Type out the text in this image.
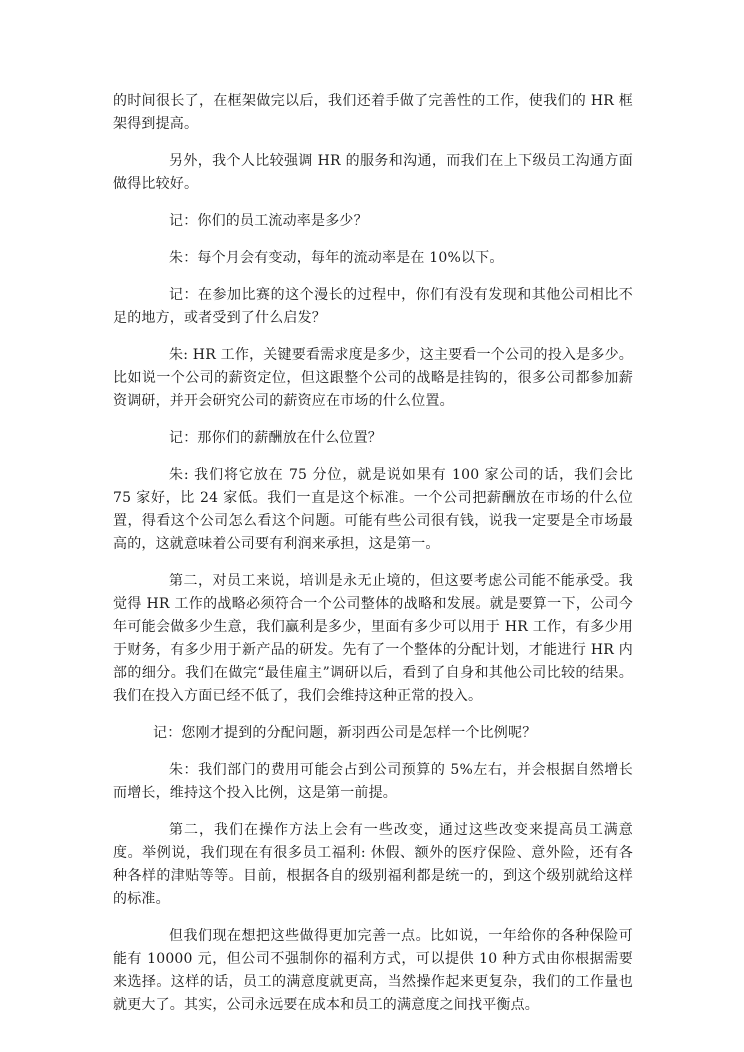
的时间很长了，在框架做完以后，我们还着手做了完善性的工作，使我们的 HR 框架得到提高。

另外，我个人比较强调 HR 的服务和沟通，而我们在上下级员工沟通方面做得比较好。

记：你们的员工流动率是多少？

朱：每个月会有变动，每年的流动率是在 10%以下。

记：在参加比赛的这个漫长的过程中，你们有没有发现和其他公司相比不足的地方，或者受到了什么启发？

朱: HR 工作，关键要看需求度是多少，这主要看一个公司的投入是多少。比如说一个公司的薪资定位，但这跟整个公司的战略是挂钩的，很多公司都参加薪资调研，并开会研究公司的薪资应在市场的什么位置。

记：那你们的薪酬放在什么位置？

朱: 我们将它放在 75 分位，就是说如果有 100 家公司的话，我们会比 75 家好，比 24 家低。我们一直是这个标准。一个公司把薪酬放在市场的什么位置，得看这个公司怎么看这个问题。可能有些公司很有钱，说我一定要是全市场最高的，这就意味着公司要有利润来承担，这是第一。

第二，对员工来说，培训是永无止境的，但这要考虑公司能不能承受。我觉得 HR 工作的战略必须符合一个公司整体的战略和发展。就是要算一下，公司今年可能会做多少生意，我们赢利是多少，里面有多少可以用于 HR 工作，有多少用于财务，有多少用于新产品的研发。先有了一个整体的分配计划，才能进行 HR 内部的细分。我们在做完“最佳雇主”调研以后，看到了自身和其他公司比较的结果。我们在投入方面已经不低了，我们会维持这种正常的投入。

记：您刚才提到的分配问题，新羽西公司是怎样一个比例呢？

朱：我们部门的费用可能会占到公司预算的 5%左右，并会根据自然增长而增长，维持这个投入比例，这是第一前提。

第二，我们在操作方法上会有一些改变，通过这些改变来提高员工满意度。举例说，我们现在有很多员工福利: 休假、额外的医疗保险、意外险，还有各种各样的津贴等等。目前，根据各自的级别福利都是统一的，到这个级别就给这样的标准。

但我们现在想把这些做得更加完善一点。比如说，一年给你的各种保险可能有 10000 元，但公司不强制你的福利方式，可以提供 10 种方式由你根据需要来选择。这样的话，员工的满意度就更高，当然操作起来更复杂，我们的工作量也就更大了。其实，公司永远要在成本和员工的满意度之间找平衡点。
